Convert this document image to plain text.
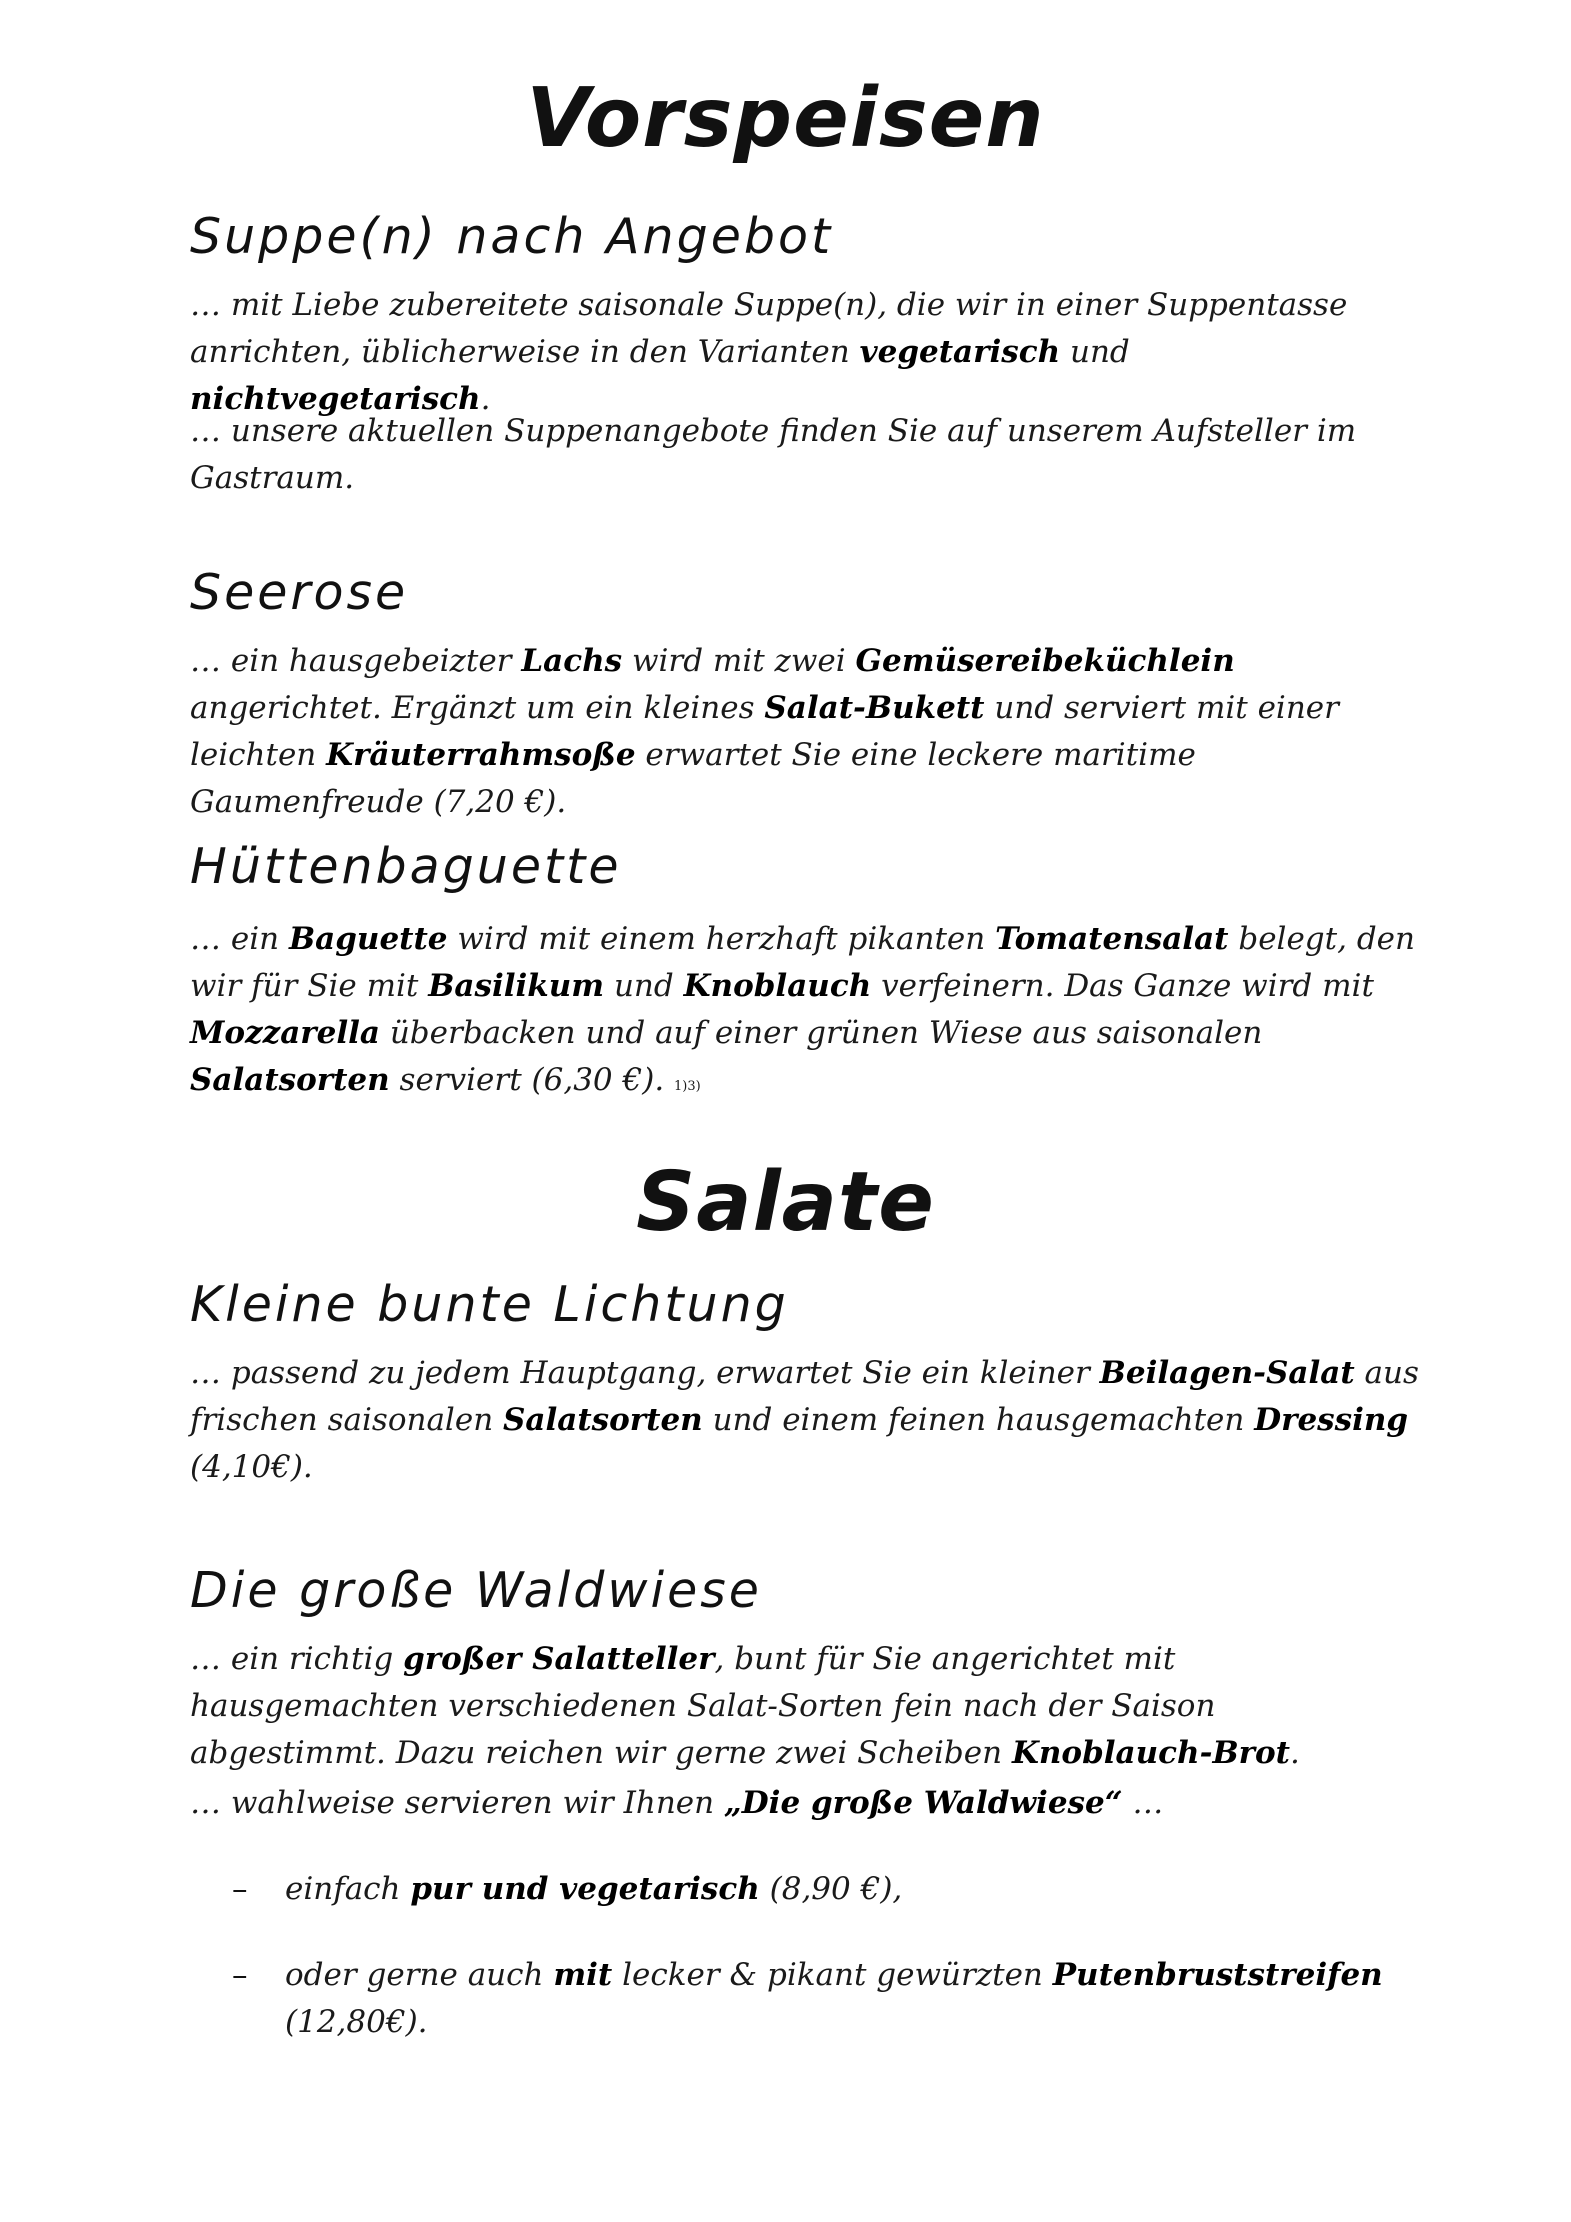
Vorspeisen
Suppe(n) nach Angebot

… mit Liebe zubereitete saisonale Suppe(n), die wir in einer Suppentasse anrichten, üblicherweise in den Varianten vegetarisch und nichtvegetarisch.

… unsere aktuellen Suppenangebote finden Sie auf unserem Aufsteller im Gastraum.

Seerose

… ein hausgebeizter Lachs wird mit zwei Gemüsereibeküchlein angerichtet. Ergänzt um ein kleines Salat-Bukett und serviert mit einer leichten Kräuterrahmsoße erwartet Sie eine leckere maritime Gaumenfreude (7,20 €).

Hüttenbaguette

… ein Baguette wird mit einem herzhaft pikanten Tomatensalat belegt, den wir für Sie mit Basilikum und Knoblauch verfeinern. Das Ganze wird mit Mozzarella überbacken und auf einer grünen Wiese aus saisonalen Salatsorten serviert (6,30 €). 1)3)

Salate
Kleine bunte Lichtung

… passend zu jedem Hauptgang, erwartet Sie ein kleiner Beilagen-Salat aus frischen saisonalen Salatsorten und einem feinen hausgemachten Dressing (4,10€).

Die große Waldwiese

… ein richtig großer Salatteller, bunt für Sie angerichtet mit hausgemachten verschiedenen Salat-Sorten fein nach der Saison abgestimmt. Dazu reichen wir gerne zwei Scheiben Knoblauch-Brot.

… wahlweise servieren wir Ihnen „Die große Waldwiese“ …

– einfach pur und vegetarisch (8,90 €),

– oder gerne auch mit lecker & pikant gewürzten Putenbruststreifen (12,80€).
